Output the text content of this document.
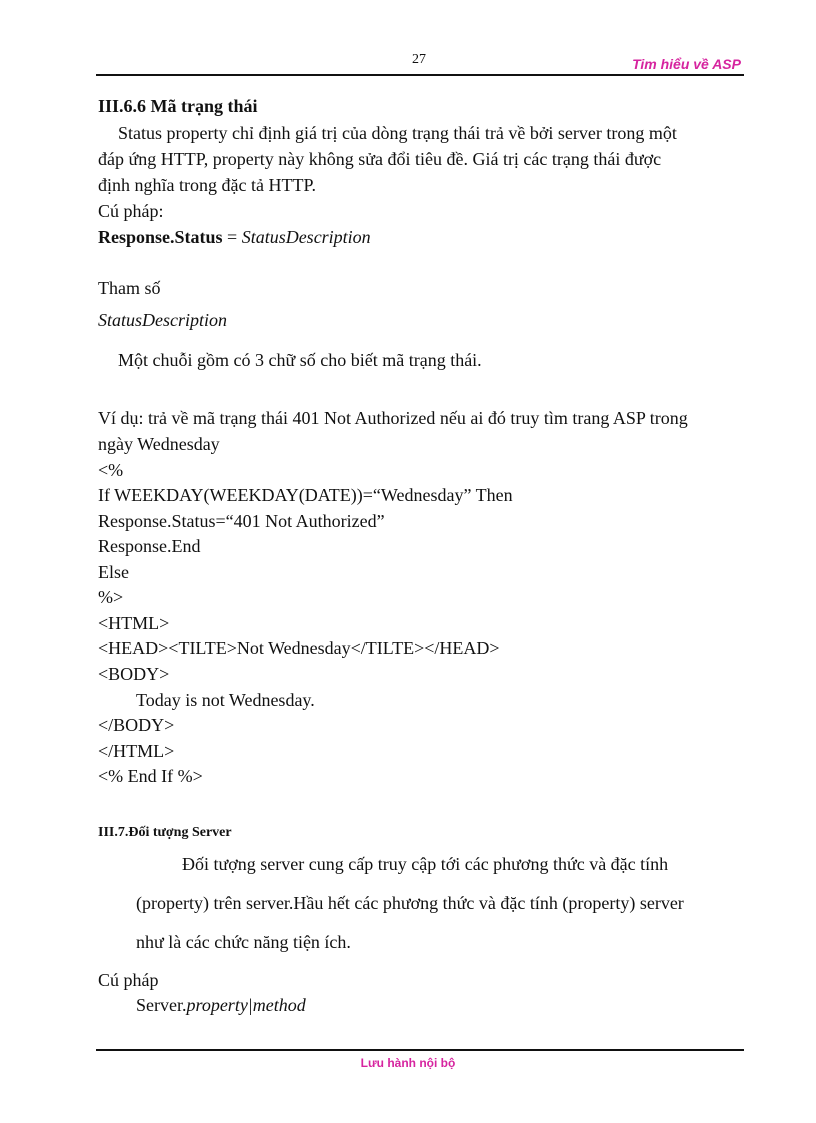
27	Tim hiểu về ASP
III.6.6 Mã trạng thái
Status property chỉ định giá trị của dòng trạng thái trả về bởi server trong một
đáp ứng HTTP, property này không sửa đổi tiêu đề. Giá trị các trạng thái được
định nghĩa trong đặc tả HTTP.
Cú pháp:
Response.Status = StatusDescription
Tham số
StatusDescription
Một chuỗi gồm có 3 chữ số cho biết mã trạng thái.
Ví dụ: trả về mã trạng thái 401 Not Authorized nếu ai đó truy tìm trang ASP trong
ngày Wednesday
<%
If WEEKDAY(WEEKDAY(DATE))=“Wednesday” Then
Response.Status=“401 Not Authorized”
Response.End
Else
%>
<HTML>
<HEAD><TILTE>Not Wednesday</TILTE></HEAD>
<BODY>
Today is not Wednesday.
</BODY>
</HTML>
<% End If %>
III.7.Đối tượng Server
Đối tượng server cung cấp truy cập tới các phương thức và đặc tính
(property) trên server.Hầu hết các phương thức và đặc tính (property) server
như là các chức năng tiện ích.
Cú pháp
Server.property|method
Lưu hành nội bộ
